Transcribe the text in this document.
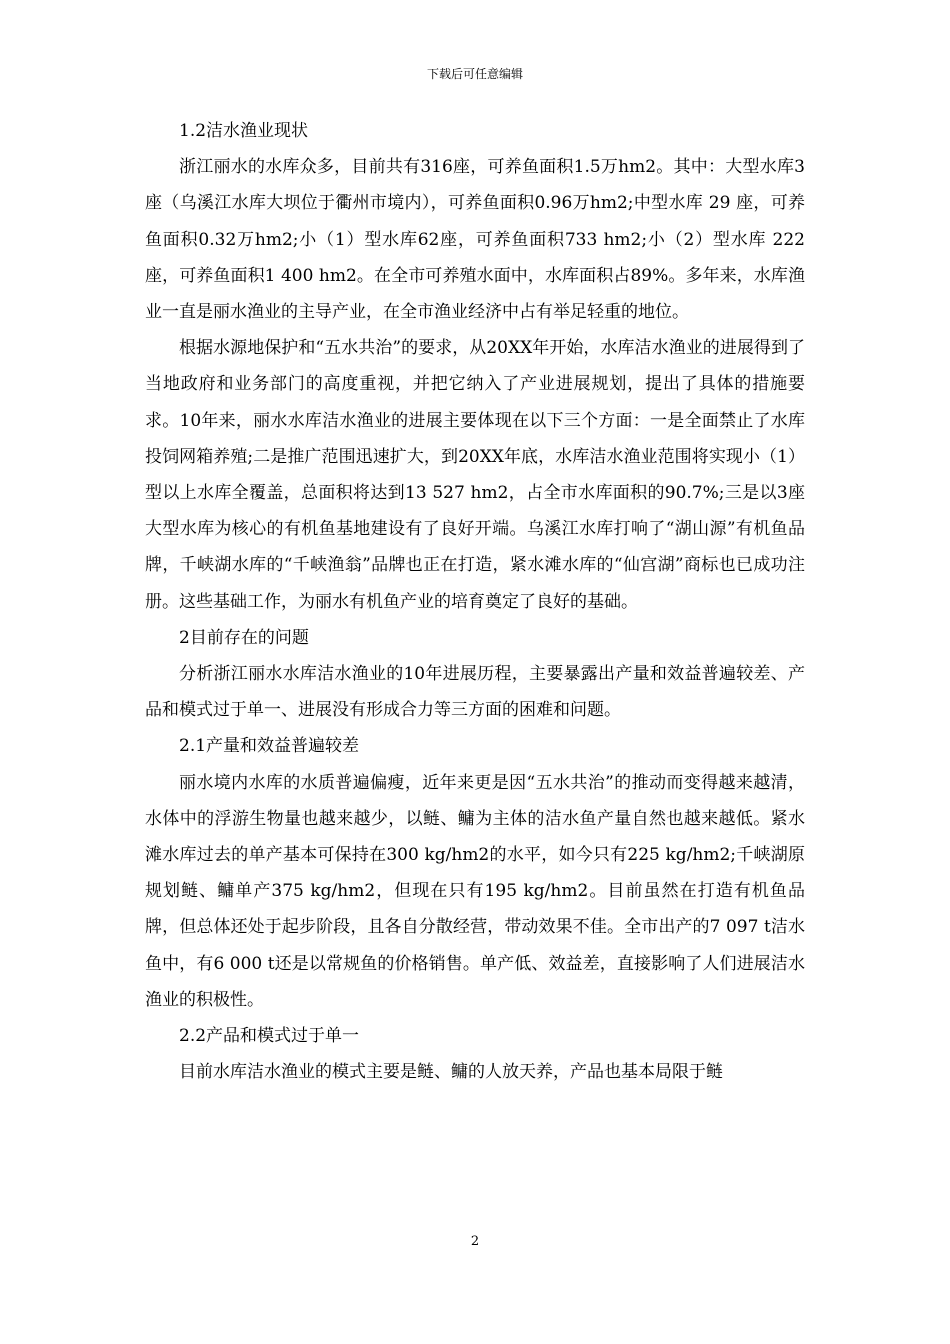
下载后可任意编辑

1.2洁水渔业现状

浙江丽水的水库众多，目前共有316座，可养鱼面积1.5万hm2。其中：大型水库3座（乌溪江水库大坝位于衢州市境内），可养鱼面积0.96万hm2;中型水库 29 座，可养鱼面积0.32万hm2;小（1）型水库62座，可养鱼面积733 hm2;小（2）型水库 222座，可养鱼面积1 400 hm2。在全市可养殖水面中，水库面积占89%。多年来，水库渔业一直是丽水渔业的主导产业，在全市渔业经济中占有举足轻重的地位。

根据水源地保护和“五水共治”的要求，从20XX年开始，水库洁水渔业的进展得到了当地政府和业务部门的高度重视，并把它纳入了产业进展规划，提出了具体的措施要求。10年来，丽水水库洁水渔业的进展主要体现在以下三个方面：一是全面禁止了水库投饲网箱养殖;二是推广范围迅速扩大，到20XX年底，水库洁水渔业范围将实现小（1）型以上水库全覆盖，总面积将达到13 527 hm2，占全市水库面积的90.7%;三是以3座大型水库为核心的有机鱼基地建设有了良好开端。乌溪江水库打响了“湖山源”有机鱼品牌，千峡湖水库的“千峡渔翁”品牌也正在打造，紧水滩水库的“仙宫湖”商标也已成功注册。这些基础工作，为丽水有机鱼产业的培育奠定了良好的基础。

2目前存在的问题

分析浙江丽水水库洁水渔业的10年进展历程，主要暴露出产量和效益普遍较差、产品和模式过于单一、进展没有形成合力等三方面的困难和问题。

2.1产量和效益普遍较差

丽水境内水库的水质普遍偏瘦，近年来更是因“五水共治”的推动而变得越来越清，水体中的浮游生物量也越来越少，以鲢、鳙为主体的洁水鱼产量自然也越来越低。紧水滩水库过去的单产基本可保持在300 kg/hm2的水平，如今只有225 kg/hm2;千峡湖原规划鲢、鳙单产375 kg/hm2，但现在只有195 kg/hm2。目前虽然在打造有机鱼品牌，但总体还处于起步阶段，且各自分散经营，带动效果不佳。全市出产的7 097 t洁水鱼中，有6 000 t还是以常规鱼的价格销售。单产低、效益差，直接影响了人们进展洁水渔业的积极性。

2.2产品和模式过于单一

目前水库洁水渔业的模式主要是鲢、鳙的人放天养，产品也基本局限于鲢

2
